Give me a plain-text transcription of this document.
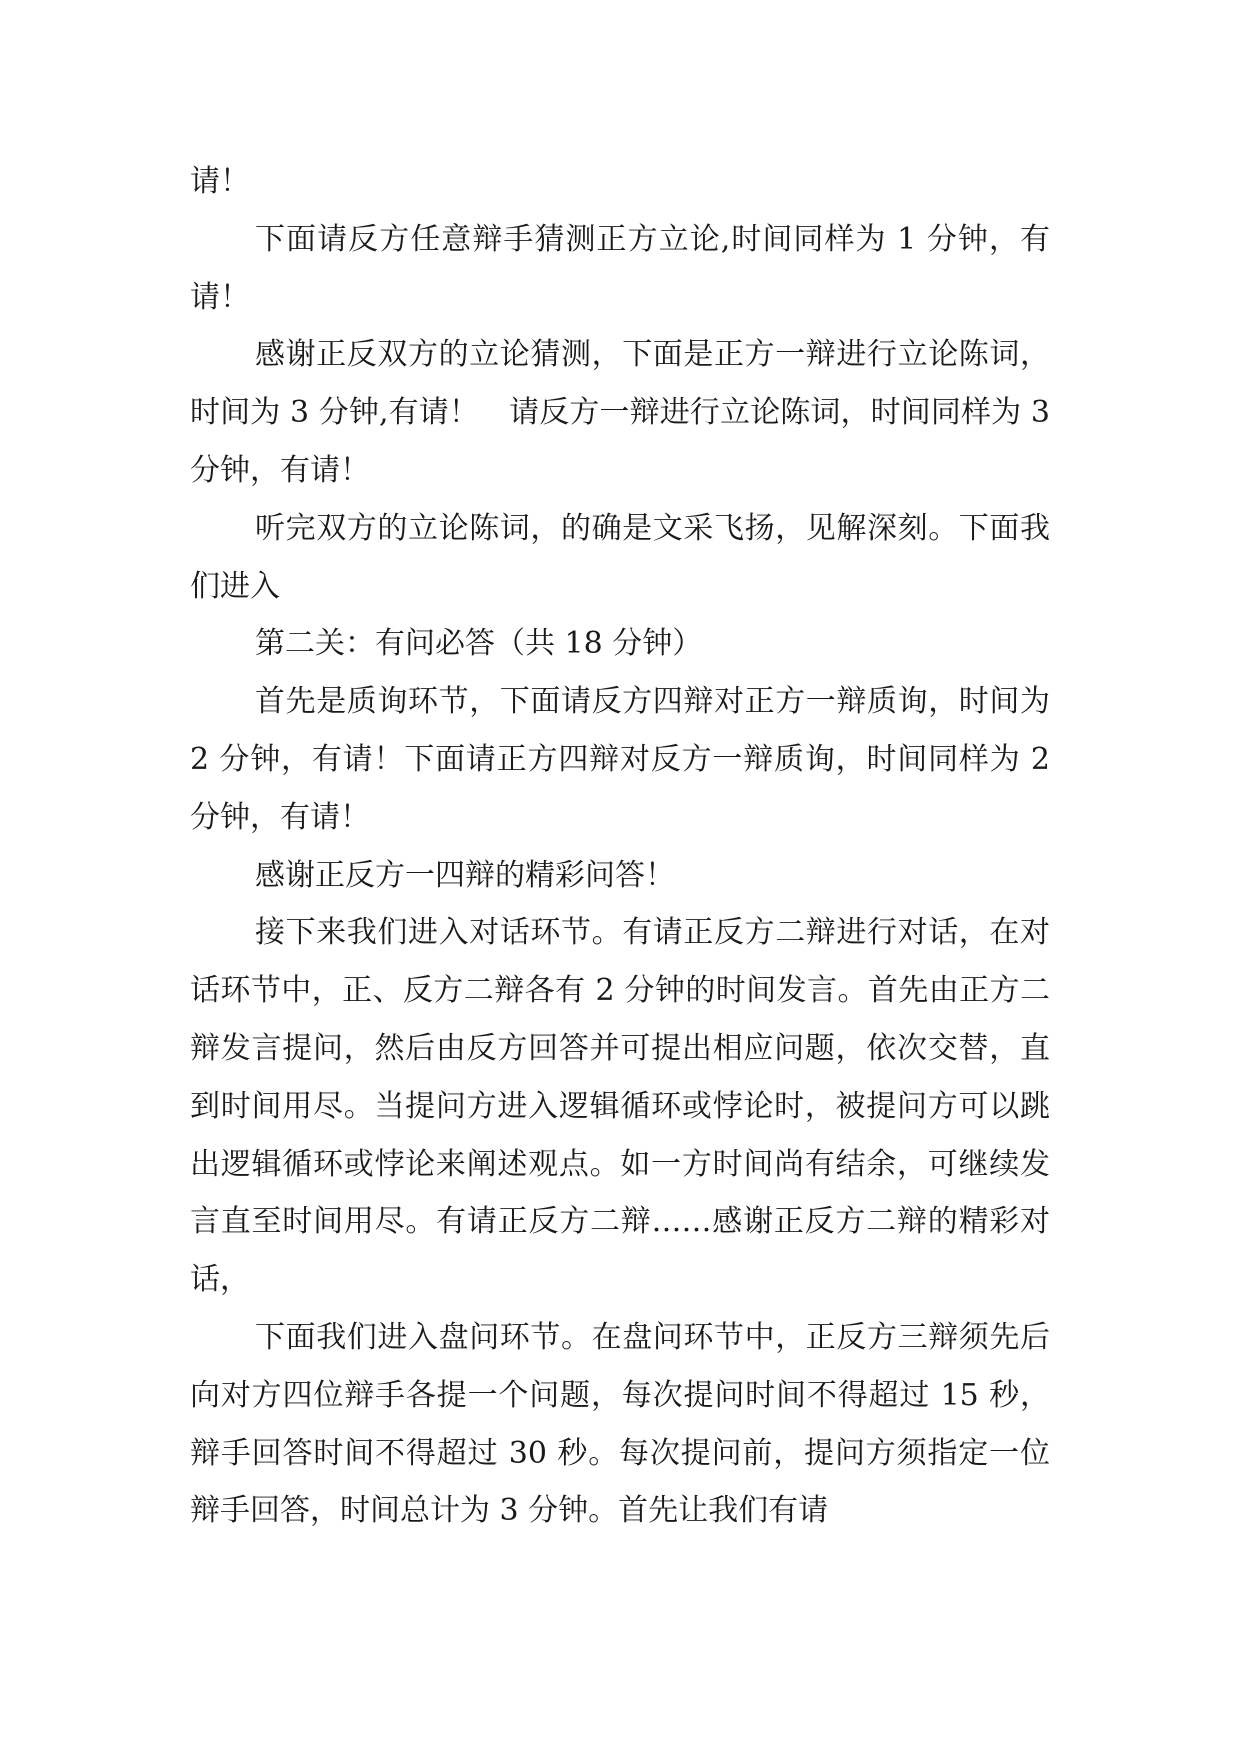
请！

下面请反方任意辩手猜测正方立论,时间同样为 1 分钟，有请！

感谢正反双方的立论猜测，下面是正方一辩进行立论陈词，时间为 3 分钟,有请！　请反方一辩进行立论陈词，时间同样为 3 分钟，有请！

听完双方的立论陈词，的确是文采飞扬，见解深刻。下面我们进入

第二关：有问必答（共 18 分钟）

首先是质询环节，下面请反方四辩对正方一辩质询，时间为 2 分钟，有请！下面请正方四辩对反方一辩质询，时间同样为 2 分钟，有请！

感谢正反方一四辩的精彩问答！

接下来我们进入对话环节。有请正反方二辩进行对话，在对话环节中，正、反方二辩各有 2 分钟的时间发言。首先由正方二辩发言提问，然后由反方回答并可提出相应问题，依次交替，直到时间用尽。当提问方进入逻辑循环或悖论时，被提问方可以跳出逻辑循环或悖论来阐述观点。如一方时间尚有结余，可继续发言直至时间用尽。有请正反方二辩……感谢正反方二辩的精彩对话，

下面我们进入盘问环节。在盘问环节中，正反方三辩须先后向对方四位辩手各提一个问题，每次提问时间不得超过 15 秒，辩手回答时间不得超过 30 秒。每次提问前，提问方须指定一位辩手回答，时间总计为 3 分钟。首先让我们有请
